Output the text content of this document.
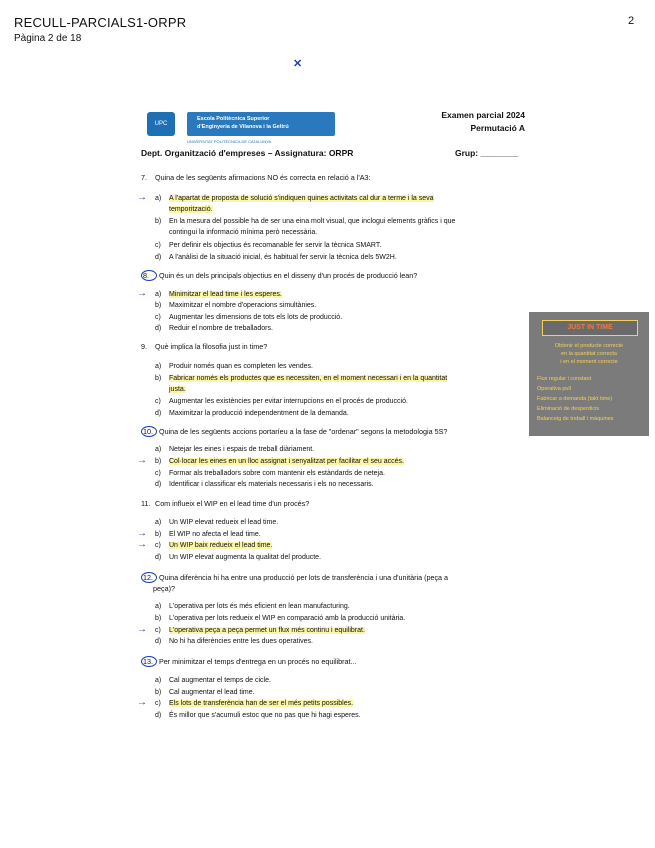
RECULL-PARCIALS1-ORPR
Pàgina 2 de 18
2
UPC
Escola Politècnica Superior
d'Enginyeria de Vilanova i la Geltrú
UNIVERSITAT POLITÈCNICA DE CATALUNYA
Examen parcial 2024
Permutació A
Dept. Organització d'empreses – Assignatura: ORPR	Grup: ________
7. Quina de les següents afirmacions NO és correcta en relació a l'A3:
a) A l'apartat de proposta de solució s'indiquen quines activitats cal dur a terme i la seva
→
temporització.
b) En la mesura del possible ha de ser una eina molt visual, que inclogui elements gràfics i que
contingui la informació mínima però necessària.
c) Per definir els objectius és recomanable fer servir la tècnica SMART.
d) A l'anàlisi de la situació inicial, és habitual fer servir la tècnica dels 5W2H.
8. Quin és un dels principals objectius en el disseny d'un procés de producció lean?
a) Minimitzar el lead time i les esperes.
→
b) Maximitzar el nombre d'operacions simultànies.
c) Augmentar les dimensions de tots els lots de producció.
d) Reduir el nombre de treballadors.
9. Què implica la filosofia just in time?
a) Produir només quan es completen les vendes.
b) Fabricar només els productes que es necessiten, en el moment necessari i en la quantitat
justa.
c) Augmentar les existències per evitar interrupcions en el procés de producció.
d) Maximitzar la producció independentment de la demanda.
10. Quina de les següents accions portaríeu a la fase de "ordenar" segons la metodologia 5S?
a) Netejar les eines i espais de treball diàriament.
b) Col·locar les eines en un lloc assignat i senyalitzat per facilitar el seu accés.
→
c) Formar als treballadors sobre com mantenir els estàndards de neteja.
d) Identificar i classificar els materials necessaris i els no necessaris.
11. Com influeix el WIP en el lead time d'un procés?
a) Un WIP elevat redueix el lead time.
b) El WIP no afecta el lead time.
→
c) Un WIP baix redueix el lead time.
→
d) Un WIP elevat augmenta la qualitat del producte.
12. Quina diferència hi ha entre una producció per lots de transferència i una d'unitària (peça a
peça)?
a) L'operativa per lots és més eficient en lean manufacturing.
b) L'operativa per lots redueix el WIP en comparació amb la producció unitària.
c) L'operativa peça a peça permet un flux més continu i equilibrat.
→
d) No hi ha diferències entre les dues operatives.
13. Per minimitzar el temps d'entrega en un procés no equilibrat...
a) Cal augmentar el temps de cicle.
b) Cal augmentar el lead time.
c) Els lots de transferència han de ser el més petits possibles.
→
d) És millor que s'acumuli estoc que no pas que hi hagi esperes.
JUST IN TIME
Obtenir el producte correcte
en la quantitat correcta
i en el moment correcte
Flux regular i constant
Operativa pull
Fabricar a demanda (takt time)
Eliminació de desperdicis
Balanceig de treball i màquines
✕
